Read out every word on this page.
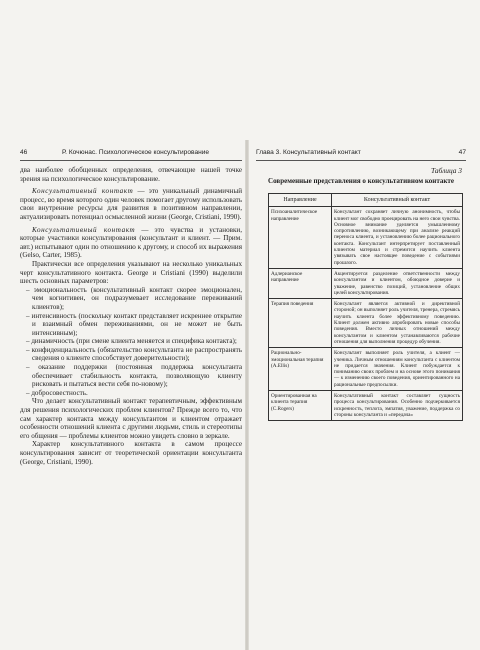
46	Р. Кочюнас. Психологическое консультирование

два наиболее обобщенных определения, отвечающие нашей точке зрения на психологическое консультирование.

Консультативный контакт — это уникальный динамичный процесс, во время которого один человек помогает другому использовать свои внутренние ресурсы для развития в позитивном направлении, актуализировать потенциал осмысленной жизни (George, Cristiani, 1990).

Консультативный контакт — это чувства и установки, которые участники консультирования (консультант и клиент. — Прим. авт.) испытывают один по отношению к другому, и способ их выражения (Gelso, Carter, 1985).

Практически все определения указывают на несколько уникальных черт консультативного контакта. George и Cristiani (1990) выделили шесть основных параметров:

– эмоциональность (консультативный контакт скорее эмоционален, чем когнитивен, он подразумевает исследование переживаний клиентов);
– интенсивность (поскольку контакт представляет искреннее открытие и взаимный обмен переживаниями, он не может не быть интенсивным);
– динамичность (при смене клиента меняется и специфика контакта);
– конфиденциальность (обязательство консультанта не распространять сведения о клиенте способствует доверительности);
– оказание поддержки (постоянная поддержка консультанта обеспечивает стабильность контакта, позволяющую клиенту рисковать и пытаться вести себя по-новому);
– добросовестность.

Что делает консультативный контакт терапевтичным, эффективным для решения психологических проблем клиентов? Прежде всего то, что сам характер контакта между консультантом и клиентом отражает особенности отношений клиента с другими людьми, стиль и стереотипы его общения — проблемы клиентов можно увидеть словно в зеркале.

Характер консультативного контакта в самом процессе консультирования зависит от теоретической ориентации консультанта (George, Cristiani, 1990).

Глава 3. Консультативный контакт	47
Таблица 3
Современные представления о консультативном контакте
Направление	Консультативный контакт
Психоаналитическое направление	Консультант сохраняет личную анонимность, чтобы клиент мог свободно проецировать на него свои чувства. Основное внимание уделяется умышленному сопротивлению, возникающему при анализе реакций переноса клиента, и установлению более рационального контакта. Консультант интерпретирует поставленный клиентом материал и стремится научить клиента увязывать свое настоящее поведение с событиями прошлого.
Адлерианское направление	Акцентируется разделение ответственности между консультантом и клиентом, обоюдное доверие и уважение, равенство позиций, установление общих целей консультирования.
Терапия поведения	Консультант является активной и директивной стороной; он выполняет роль учителя, тренера, стремясь научить клиента более эффективному поведению. Клиент должен активно апробировать новые способы поведения. Вместо личных отношений между консультантом и клиентом устанавливаются рабочие отношения для выполнения процедур обучения.
Рационально-эмоциональная терапия (A.Ellis)	Консультант выполняет роль учителя, а клиент — ученика. Личным отношениям консультанта с клиентом не придается значения. Клиент побуждается к пониманию своих проблем и на основе этого понимания — к изменению своего поведения, ориентированного на рациональные предпосылки.
Ориентированная на клиента терапия (C.Rogers)	Консультативный контакт составляет сущность процесса консультирования. Особенно подчеркивается искренность, теплота, эмпатия, уважение, поддержка со стороны консультанта и «передача»
